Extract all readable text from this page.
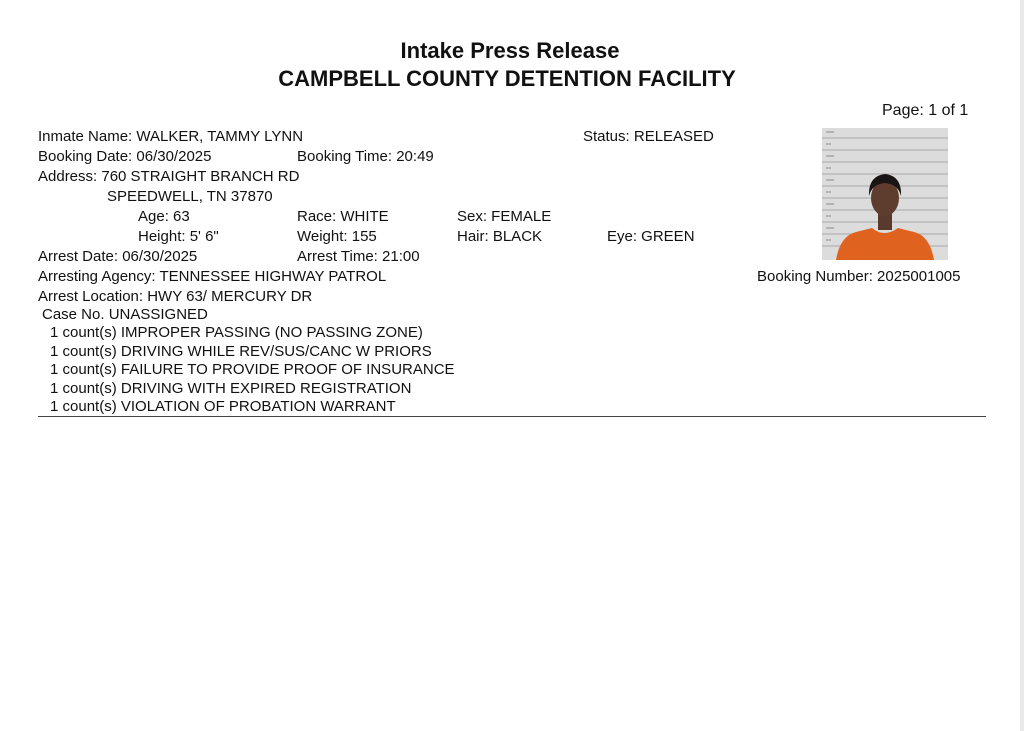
Intake Press Release
CAMPBELL COUNTY DETENTION FACILITY
Page: 1 of 1
Inmate Name: WALKER, TAMMY LYNN	Status: RELEASED
Booking Date: 06/30/2025	Booking Time: 20:49
Address: 760 STRAIGHT BRANCH RD
SPEEDWELL, TN 37870
Age: 63	Race: WHITE	Sex: FEMALE
Height: 5' 6"	Weight: 155	Hair: BLACK	Eye: GREEN
Arrest Date: 06/30/2025	Arrest Time: 21:00
Arresting Agency: TENNESSEE HIGHWAY PATROL	Booking Number: 2025001005
Arrest Location: HWY 63/ MERCURY DR
Case No. UNASSIGNED
1 count(s) IMPROPER PASSING (NO PASSING ZONE)
1 count(s) DRIVING WHILE REV/SUS/CANC W PRIORS
1 count(s) FAILURE TO PROVIDE PROOF OF INSURANCE
1 count(s) DRIVING WITH EXPIRED REGISTRATION
1 count(s) VIOLATION OF PROBATION WARRANT
